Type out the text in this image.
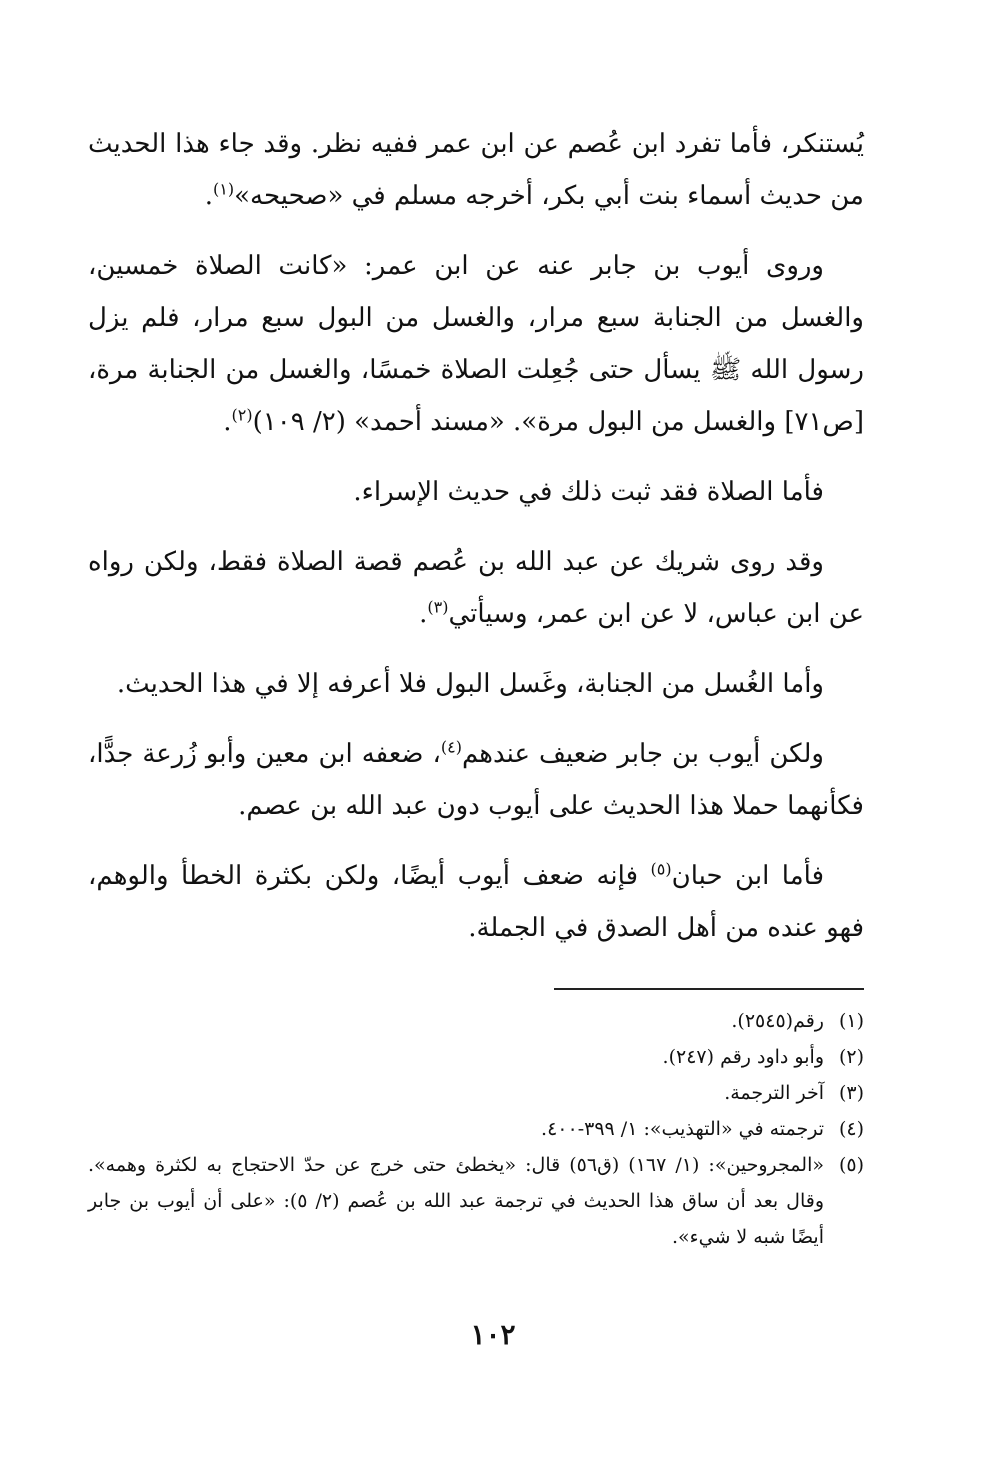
يُستنكر، فأما تفرد ابن عُصم عن ابن عمر ففيه نظر. وقد جاء هذا الحديث من حديث أسماء بنت أبي بكر، أخرجه مسلم في «صحيحه»$^{(١)}$.

وروى أيوب بن جابر عنه عن ابن عمر: «كانت الصلاة خمسين، والغسل من الجنابة سبع مرار، والغسل من البول سبع مرار، فلم يزل رسول الله ﷺ يسأل حتى جُعِلت الصلاة خمسًا، والغسل من الجنابة مرة، [ص٧١] والغسل من البول مرة». «مسند أحمد» (٢/ ١٠٩)$^{(٢)}$.

فأما الصلاة فقد ثبت ذلك في حديث الإسراء.

وقد روى شريك عن عبد الله بن عُصم قصة الصلاة فقط، ولكن رواه عن ابن عباس، لا عن ابن عمر، وسيأتي$^{(٣)}$.

وأما الغُسل من الجنابة، وغَسل البول فلا أعرفه إلا في هذا الحديث.

ولكن أيوب بن جابر ضعيف عندهم$^{(٤)}$، ضعفه ابن معين وأبو زُرعة جدًّا، فكأنهما حملا هذا الحديث على أيوب دون عبد الله بن عصم.

فأما ابن حبان$^{(٥)}$ فإنه ضعف أيوب أيضًا، ولكن بكثرة الخطأ والوهم، فهو عنده من أهل الصدق في الجملة.

(١)
رقم(٢٥٤٥).
(٢)
وأبو داود رقم (٢٤٧).
(٣)
آخر الترجمة.
(٤)
ترجمته في «التهذيب»: ١/ ٣٩٩-٤٠٠.
(٥)
«المجروحين»: (١/ ١٦٧) (ق٥٦) قال: «يخطئ حتى خرج عن حدّ الاحتجاج به لكثرة وهمه». وقال بعد أن ساق هذا الحديث في ترجمة عبد الله بن عُصم (٢/ ٥): «على أن أيوب بن جابر أيضًا شبه لا شيء».
١٠٢
